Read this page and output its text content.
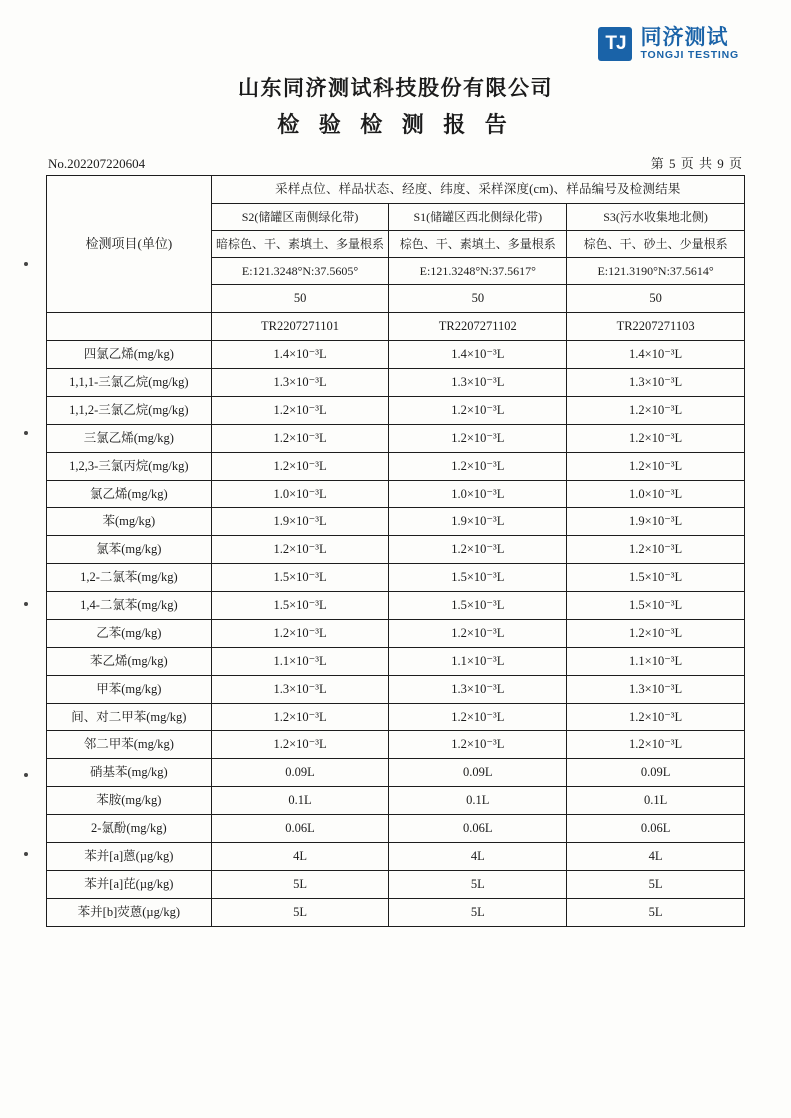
TJ 同济测试
TONGJI TESTING
山东同济测试科技股份有限公司
检 验 检 测 报 告
No.202207220604	第 5 页 共 9 页
检测项目(单位)	采样点位、样品状态、经度、纬度、采样深度(cm)、样品编号及检测结果		
	S2(储罐区南侧绿化带)	S1(储罐区西北侧绿化带)	S3(污水收集地北侧)
	暗棕色、干、素填土、多量根系	棕色、干、素填土、多量根系	棕色、干、砂土、少量根系
	E:121.3248°N:37.5605°	E:121.3248°N:37.5617°	E:121.3190°N:37.5614°
	50	50	50
	TR2207271101	TR2207271102	TR2207271103
四氯乙烯(mg/kg)	1.4×10⁻³L	1.4×10⁻³L	1.4×10⁻³L
1,1,1-三氯乙烷(mg/kg)	1.3×10⁻³L	1.3×10⁻³L	1.3×10⁻³L
1,1,2-三氯乙烷(mg/kg)	1.2×10⁻³L	1.2×10⁻³L	1.2×10⁻³L
三氯乙烯(mg/kg)	1.2×10⁻³L	1.2×10⁻³L	1.2×10⁻³L
1,2,3-三氯丙烷(mg/kg)	1.2×10⁻³L	1.2×10⁻³L	1.2×10⁻³L
氯乙烯(mg/kg)	1.0×10⁻³L	1.0×10⁻³L	1.0×10⁻³L
苯(mg/kg)	1.9×10⁻³L	1.9×10⁻³L	1.9×10⁻³L
氯苯(mg/kg)	1.2×10⁻³L	1.2×10⁻³L	1.2×10⁻³L
1,2-二氯苯(mg/kg)	1.5×10⁻³L	1.5×10⁻³L	1.5×10⁻³L
1,4-二氯苯(mg/kg)	1.5×10⁻³L	1.5×10⁻³L	1.5×10⁻³L
乙苯(mg/kg)	1.2×10⁻³L	1.2×10⁻³L	1.2×10⁻³L
苯乙烯(mg/kg)	1.1×10⁻³L	1.1×10⁻³L	1.1×10⁻³L
甲苯(mg/kg)	1.3×10⁻³L	1.3×10⁻³L	1.3×10⁻³L
间、对二甲苯(mg/kg)	1.2×10⁻³L	1.2×10⁻³L	1.2×10⁻³L
邻二甲苯(mg/kg)	1.2×10⁻³L	1.2×10⁻³L	1.2×10⁻³L
硝基苯(mg/kg)	0.09L	0.09L	0.09L
苯胺(mg/kg)	0.1L	0.1L	0.1L
2-氯酚(mg/kg)	0.06L	0.06L	0.06L
苯并[a]蒽(µg/kg)	4L	4L	4L
苯并[a]芘(µg/kg)	5L	5L	5L
苯并[b]荧蒽(µg/kg)	5L	5L	5L
